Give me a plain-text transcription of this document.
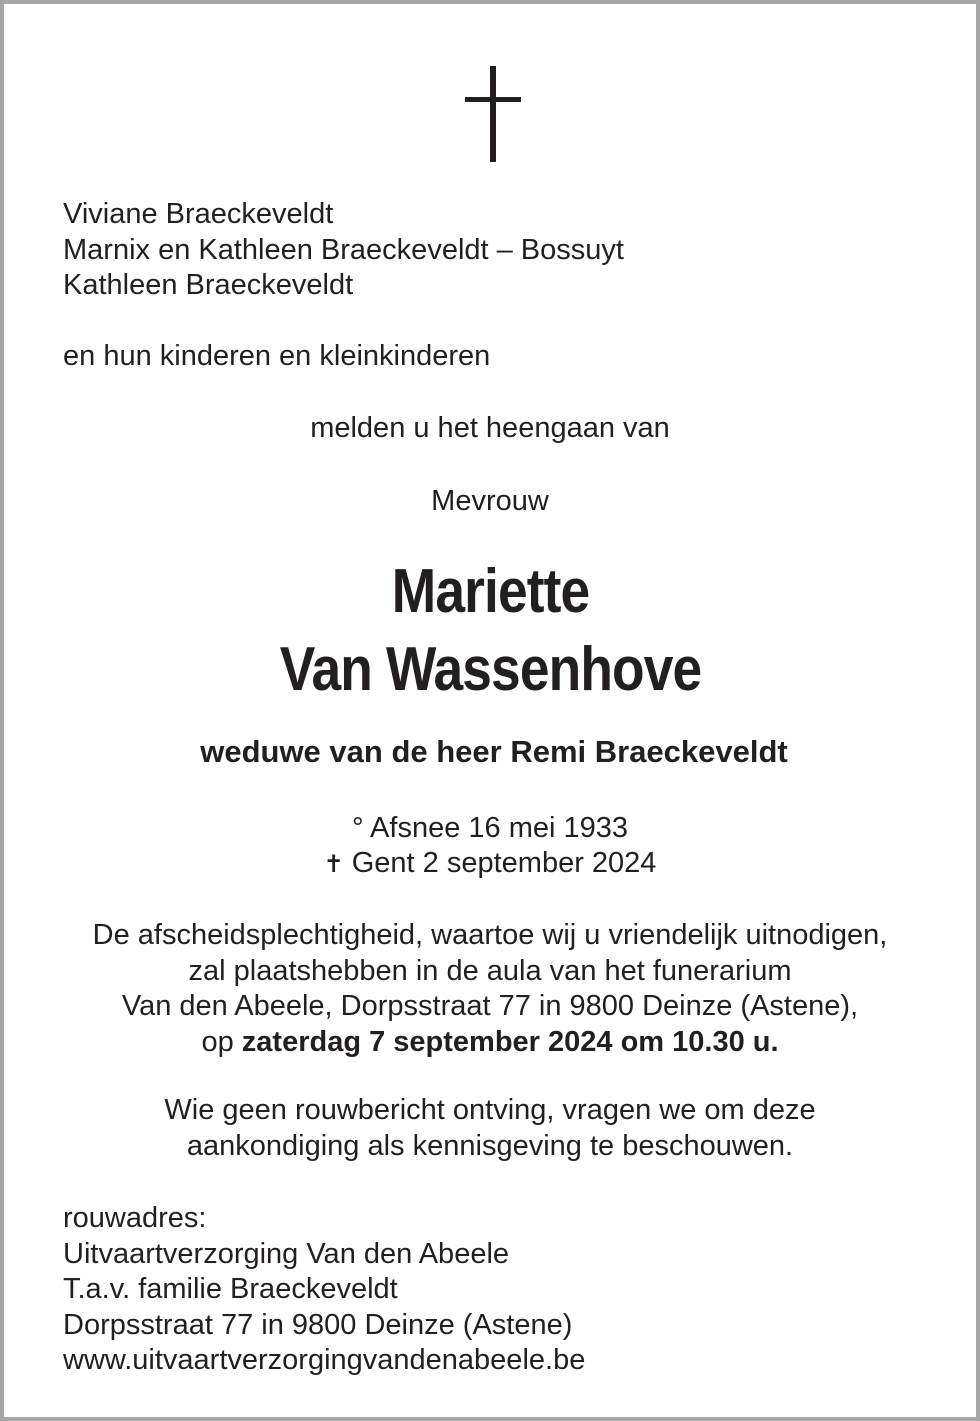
Viviane Braeckeveldt
Marnix en Kathleen Braeckeveldt – Bossuyt
Kathleen Braeckeveldt
en hun kinderen en kleinkinderen
melden u het heengaan van
Mevrouw
Mariette
Van Wassenhove
weduwe van de heer Remi Braeckeveldt
° Afsnee 16 mei 1933
✝ Gent 2 september 2024
De afscheidsplechtigheid, waartoe wij u vriendelijk uitnodigen,
zal plaatshebben in de aula van het funerarium
Van den Abeele, Dorpsstraat 77 in 9800 Deinze (Astene),
op zaterdag 7 september 2024 om 10.30 u.
Wie geen rouwbericht ontving, vragen we om deze
aankondiging als kennisgeving te beschouwen.
rouwadres:
Uitvaartverzorging Van den Abeele
T.a.v. familie Braeckeveldt
Dorpsstraat 77 in 9800 Deinze (Astene)
www.uitvaartverzorgingvandenabeele.be
